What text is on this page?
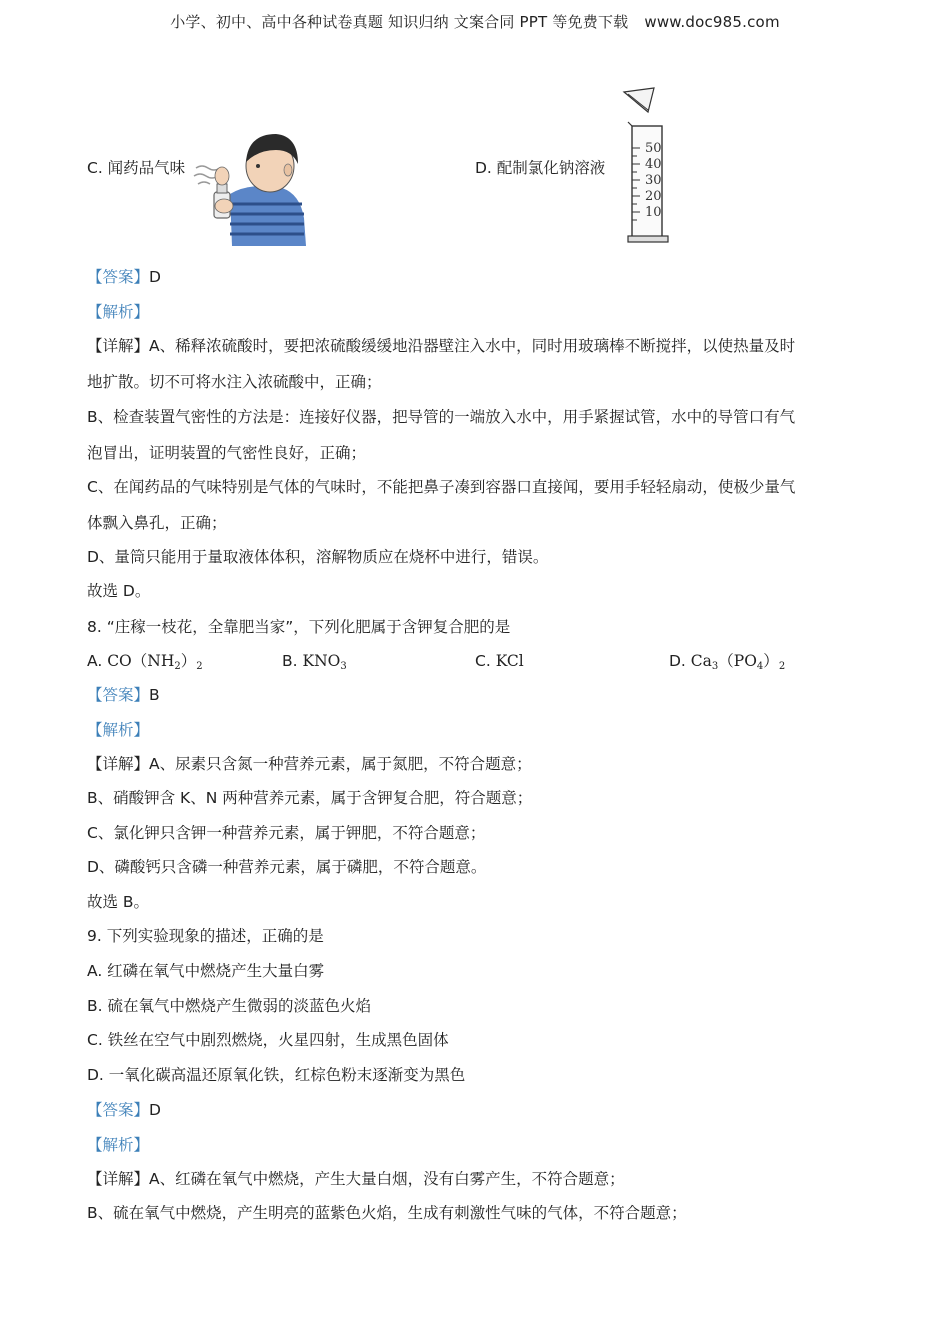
小学、初中、高中各种试卷真题 知识归纳 文案合同 PPT 等免费下载 www.doc985.com
C. 闻药品气味	D. 配制氯化钠溶液
50
40
30
20
10
【答案】D
【解析】
【详解】A、稀释浓硫酸时，要把浓硫酸缓缓地沿器壁注入水中，同时用玻璃棒不断搅拌，以使热量及时
地扩散。切不可将水注入浓硫酸中，正确；
B、检查装置气密性的方法是：连接好仪器，把导管的一端放入水中，用手紧握试管，水中的导管口有气
泡冒出，证明装置的气密性良好，正确；
C、在闻药品的气味特别是气体的气味时，不能把鼻子凑到容器口直接闻，要用手轻轻扇动，使极少量气
体飘入鼻孔，正确；
D、量筒只能用于量取液体体积，溶解物质应在烧杯中进行，错误。
故选 D。
8. “庄稼一枝花，全靠肥当家”，下列化肥属于含钾复合肥的是
A. $CO(NH_2)_2$	B. $KNO_3$	C. KCl	D. $Ca_3(PO_4)_2$
【答案】B
【解析】
【详解】A、尿素只含氮一种营养元素，属于氮肥，不符合题意；
B、硝酸钾含 K、N 两种营养元素，属于含钾复合肥，符合题意；
C、氯化钾只含钾一种营养元素，属于钾肥，不符合题意；
D、磷酸钙只含磷一种营养元素，属于磷肥，不符合题意。
故选 B。
9. 下列实验现象的描述，正确的是
A. 红磷在氧气中燃烧产生大量白雾
B. 硫在氧气中燃烧产生微弱的淡蓝色火焰
C. 铁丝在空气中剧烈燃烧，火星四射，生成黑色固体
D. 一氧化碳高温还原氧化铁，红棕色粉末逐渐变为黑色
【答案】D
【解析】
【详解】A、红磷在氧气中燃烧，产生大量白烟，没有白雾产生，不符合题意；
B、硫在氧气中燃烧，产生明亮的蓝紫色火焰，生成有刺激性气味的气体，不符合题意；
